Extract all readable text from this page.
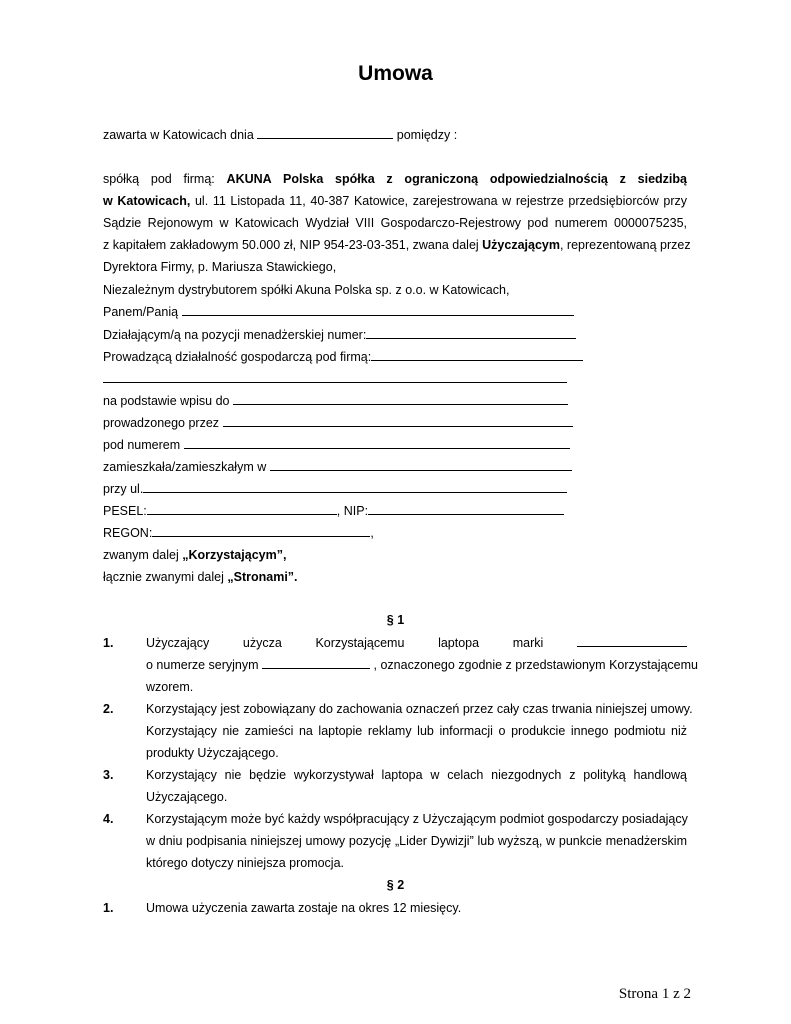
Umowa
zawarta w Katowicach dnia	pomiędzy :
spółką pod firmą: AKUNA Polska spółka z ograniczoną odpowiedzialnością z siedzibą
w Katowicach, ul. 11 Listopada 11, 40-387 Katowice, zarejestrowana w rejestrze przedsiębiorców przy
Sądzie Rejonowym w Katowicach Wydział VIII Gospodarczo-Rejestrowy pod numerem 0000075235,
z kapitałem zakładowym 50.000 zł, NIP 954-23-03-351, zwana dalej Użyczającym, reprezentowaną przez
Dyrektora Firmy, p. Mariusza Stawickiego,
Niezależnym dystrybutorem spółki Akuna Polska sp. z o.o. w Katowicach,
Panem/Panią
Działającym/ą na pozycji menadżerskiej numer:
Prowadzącą działalność gospodarczą pod firmą:
na podstawie wpisu do
prowadzonego przez
pod numerem
zamieszkała/zamieszkałym w
przy ul.
PESEL:	, NIP:
REGON:	,
zwanym dalej „Korzystającym”,
łącznie zwanymi dalej „Stronami”.
§ 1
1.	Użyczający	użycza	Korzystającemu	laptopa	marki
o numerze seryjnym	, oznaczonego zgodnie z przedstawionym Korzystającemu
wzorem.
2.	Korzystający jest zobowiązany do zachowania oznaczeń przez cały czas trwania niniejszej umowy.
Korzystający nie zamieści na laptopie reklamy lub informacji o produkcie innego podmiotu niż
produkty Użyczającego.
3.	Korzystający nie będzie wykorzystywał laptopa w celach niezgodnych z polityką handlową
Użyczającego.
4.	Korzystającym może być każdy współpracujący z Użyczającym podmiot gospodarczy posiadający
w dniu podpisania niniejszej umowy pozycję „Lider Dywizji” lub wyższą, w punkcie menadżerskim
którego dotyczy niniejsza promocja.
§ 2
1.	Umowa użyczenia zawarta zostaje na okres 12 miesięcy.
Strona 1 z 2
